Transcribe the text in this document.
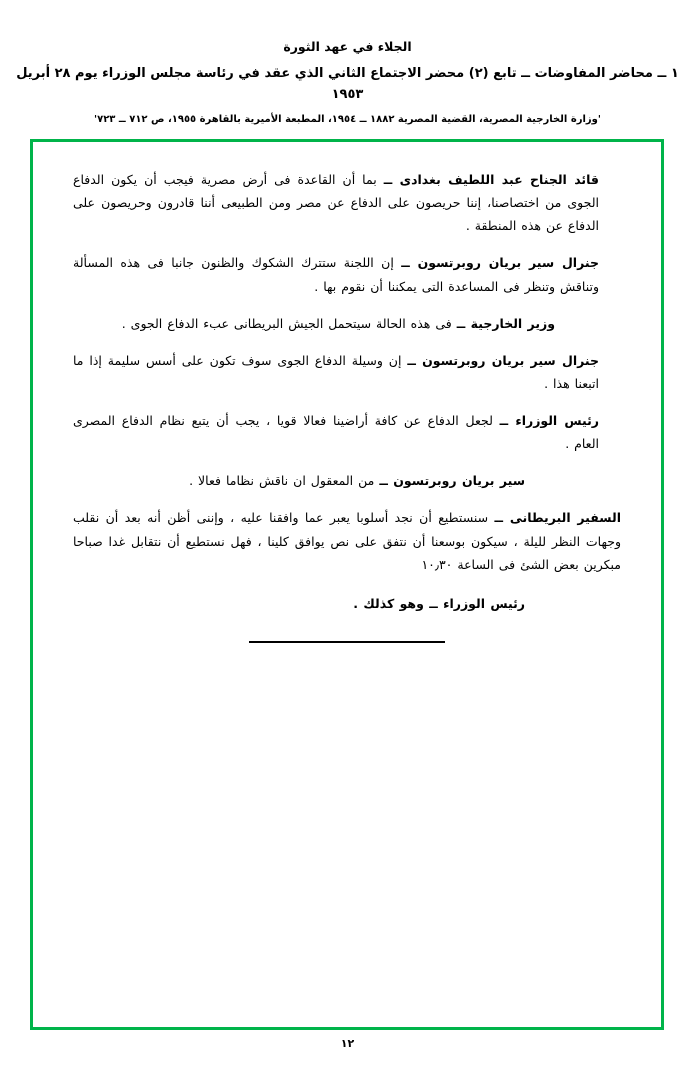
الجلاء في عهد الثورة
١ ــ محاضر المفاوضات ــ تابع (٢) محضر الاجتماع الثاني الذي عقد في رئاسة مجلس الوزراء يوم ٢٨ أبريل ١٩٥٣
'وزارة الخارجية المصرية، القضية المصرية ١٨٨٢ ــ ١٩٥٤، المطبعة الأميرية بالقاهرة ١٩٥٥، ص ٧١٢ ــ ٧٢٣'

قائد الجناح عبد اللطيف بغدادى ــ بما أن القاعدة فى أرض مصرية فيجب أن يكون الدفاع الجوى من اختصاصنا، إننا حريصون على الدفاع عن مصر ومن الطبيعى أننا قادرون وحريصون على الدفاع عن هذه المنطقة .

جنرال سير بريان روبرتسون ــ إن اللجنة ستترك الشكوك والظنون جانبا فى هذه المسألة وتناقش وتنظر فى المساعدة التى يمكننا أن نقوم بها .

وزير الخارجية ــ فى هذه الحالة سيتحمل الجيش البريطانى عبء الدفاع الجوى .

جنرال سير بريان روبرتسون ــ إن وسيلة الدفاع الجوى سوف تكون على أسس سليمة إذا ما اتبعنا هذا .

رئيس الوزراء ــ لجعل الدفاع عن كافة أراضينا فعالا قويا ، يجب أن يتبع نظام الدفاع المصرى العام .

سير بريان روبرتسون ــ من المعقول ان ناقش نظاما فعالا .

السفير البريطانى ــ سنستطيع أن نجد أسلوبا يعبر عما وافقنا عليه ، وإننى أظن أنه بعد أن نقلب وجهات النظر لليلة ، سيكون بوسعنا أن نتفق على نص يوافق كلينا ، فهل نستطيع أن نتقابل غدا صباحا مبكرين بعض الشئ فى الساعة ١٠٫٣٠

رئيس الوزراء ــ وهو كذلك .

١٢
